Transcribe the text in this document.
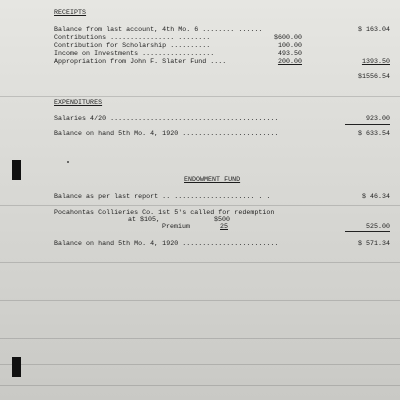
RECEIPTS
Balance from last account, 4th Mo. 6 ........ ......	$ 163.04
Contributions ................ ........	$600.00
Contribution for Scholarship ..........	100.00
Income on Investments ..................	493.50
Appropriation from John F. Slater Fund ....	200.00	1393.50
$1556.54
EXPENDITURES
Salaries 4/20 ..........................................	923.00
Balance on hand 5th Mo. 4, 1920 ........................	$ 633.54
ENDOWMENT FUND
Balance as per last report .. .................... . .	$ 46.34
Pocahontas Collieries Co. 1st 5's called for redemption
at $105,	$500
Premium	25	525.00
Balance on hand 5th Mo. 4, 1920 ........................	$ 571.34
